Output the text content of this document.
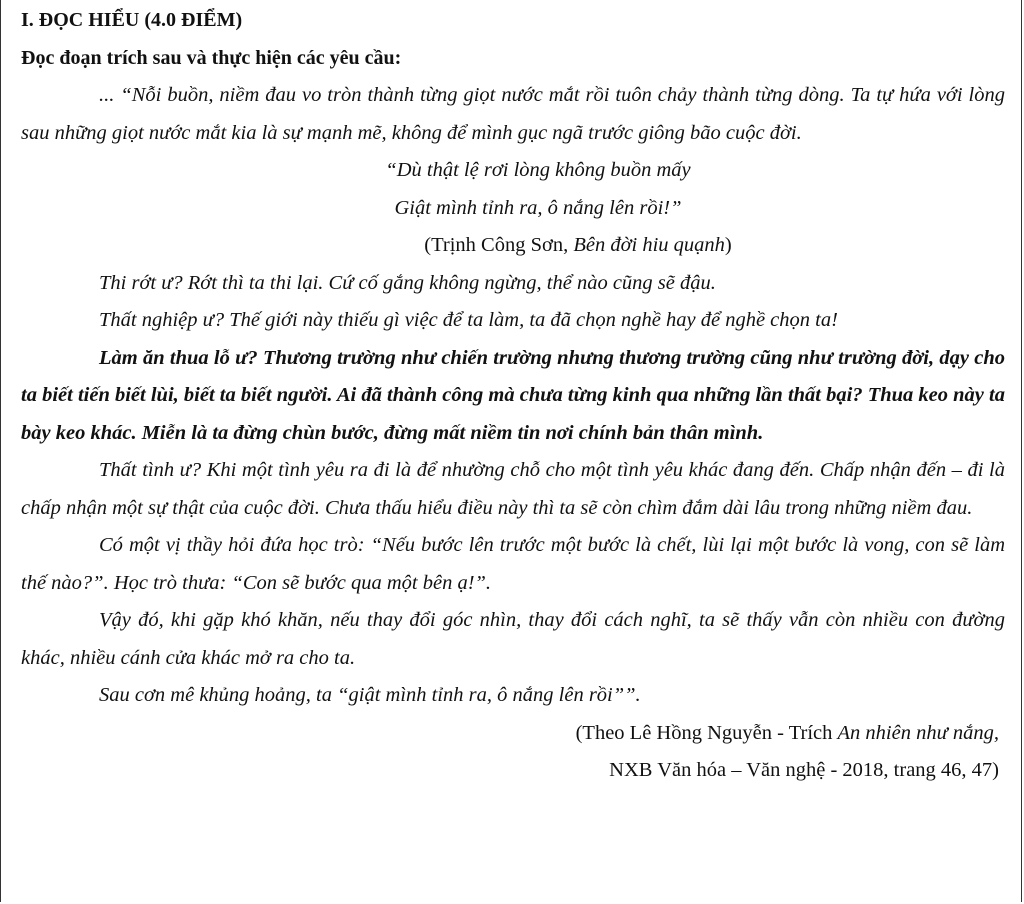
I. ĐỌC HIỂU (4.0 ĐIỂM)

Đọc đoạn trích sau và thực hiện các yêu cầu:

... “Nỗi buồn, niềm đau vo tròn thành từng giọt nước mắt rồi tuôn chảy thành từng dòng. Ta tự hứa với lòng sau những giọt nước mắt kia là sự mạnh mẽ, không để mình gục ngã trước giông bão cuộc đời.

“Dù thật lệ rơi lòng không buồn mấy

Giật mình tỉnh ra, ô nắng lên rồi!”

(Trịnh Công Sơn, Bên đời hiu quạnh)

Thi rớt ư? Rớt thì ta thi lại. Cứ cố gắng không ngừng, thể nào cũng sẽ đậu.

Thất nghiệp ư? Thế giới này thiếu gì việc để ta làm, ta đã chọn nghề hay để nghề chọn ta!

Làm ăn thua lỗ ư? Thương trường như chiến trường nhưng thương trường cũng như trường đời, dạy cho ta biết tiến biết lùi, biết ta biết người. Ai đã thành công mà chưa từng kinh qua những lần thất bại? Thua keo này ta bày keo khác. Miễn là ta đừng chùn bước, đừng mất niềm tin nơi chính bản thân mình.

Thất tình ư? Khi một tình yêu ra đi là để nhường chỗ cho một tình yêu khác đang đến. Chấp nhận đến – đi là chấp nhận một sự thật của cuộc đời. Chưa thấu hiểu điều này thì ta sẽ còn chìm đắm dài lâu trong những niềm đau.

Có một vị thầy hỏi đứa học trò: “Nếu bước lên trước một bước là chết, lùi lại một bước là vong, con sẽ làm thế nào?”. Học trò thưa: “Con sẽ bước qua một bên ạ!”.

Vậy đó, khi gặp khó khăn, nếu thay đổi góc nhìn, thay đổi cách nghĩ, ta sẽ thấy vẫn còn nhiều con đường khác, nhiều cánh cửa khác mở ra cho ta.

Sau cơn mê khủng hoảng, ta “giật mình tỉnh ra, ô nắng lên rồi””.

(Theo Lê Hồng Nguyễn - Trích An nhiên như nắng,

NXB Văn hóa – Văn nghệ - 2018, trang 46, 47)
